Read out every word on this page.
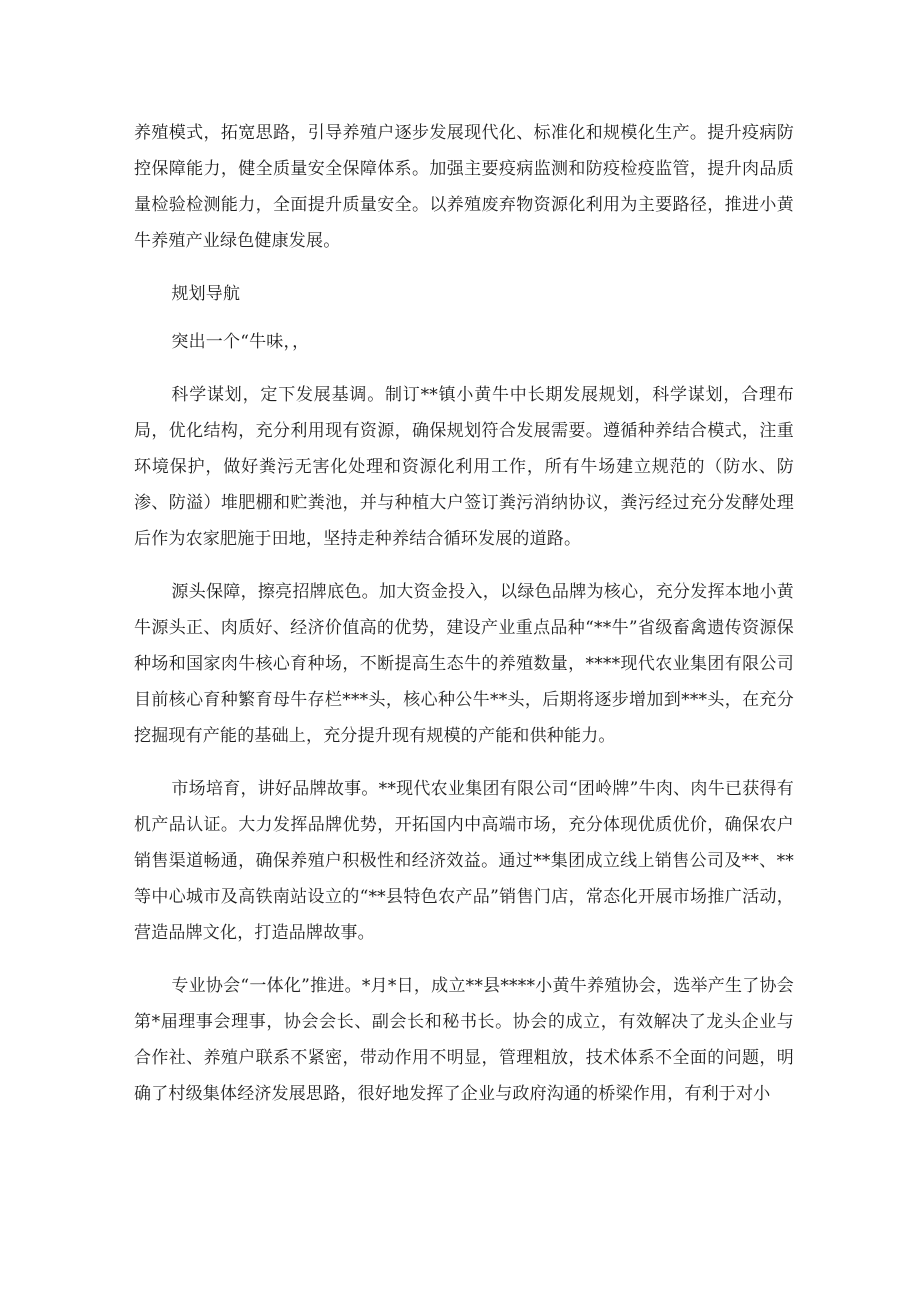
养殖模式，拓宽思路，引导养殖户逐步发展现代化、标准化和规模化生产。提升疫病防控保障能力，健全质量安全保障体系。加强主要疫病监测和防疫检疫监管，提升肉品质量检验检测能力，全面提升质量安全。以养殖废弃物资源化利用为主要路径，推进小黄牛养殖产业绿色健康发展。

规划导航

突出一个“牛味，，

科学谋划，定下发展基调。制订**镇小黄牛中长期发展规划，科学谋划，合理布局，优化结构，充分利用现有资源，确保规划符合发展需要。遵循种养结合模式，注重环境保护，做好粪污无害化处理和资源化利用工作，所有牛场建立规范的（防水、防渗、防溢）堆肥棚和贮粪池，并与种植大户签订粪污消纳协议，粪污经过充分发酵处理后作为农家肥施于田地，坚持走种养结合循环发展的道路。

源头保障，擦亮招牌底色。加大资金投入，以绿色品牌为核心，充分发挥本地小黄牛源头正、肉质好、经济价值高的优势，建设产业重点品种“**牛”省级畜禽遗传资源保种场和国家肉牛核心育种场，不断提高生态牛的养殖数量，****现代农业集团有限公司目前核心育种繁育母牛存栏***头，核心种公牛**头，后期将逐步增加到***头，在充分挖掘现有产能的基础上，充分提升现有规模的产能和供种能力。

市场培育，讲好品牌故事。**现代农业集团有限公司“团岭牌”牛肉、肉牛已获得有机产品认证。大力发挥品牌优势，开拓国内中高端市场，充分体现优质优价，确保农户销售渠道畅通，确保养殖户积极性和经济效益。通过**集团成立线上销售公司及**、**等中心城市及高铁南站设立的“**县特色农产品”销售门店，常态化开展市场推广活动，营造品牌文化，打造品牌故事。

专业协会“一体化”推进。*月*日，成立**县****小黄牛养殖协会，选举产生了协会第*届理事会理事，协会会长、副会长和秘书长。协会的成立，有效解决了龙头企业与合作社、养殖户联系不紧密，带动作用不明显，管理粗放，技术体系不全面的问题，明确了村级集体经济发展思路，很好地发挥了企业与政府沟通的桥梁作用，有利于对小
